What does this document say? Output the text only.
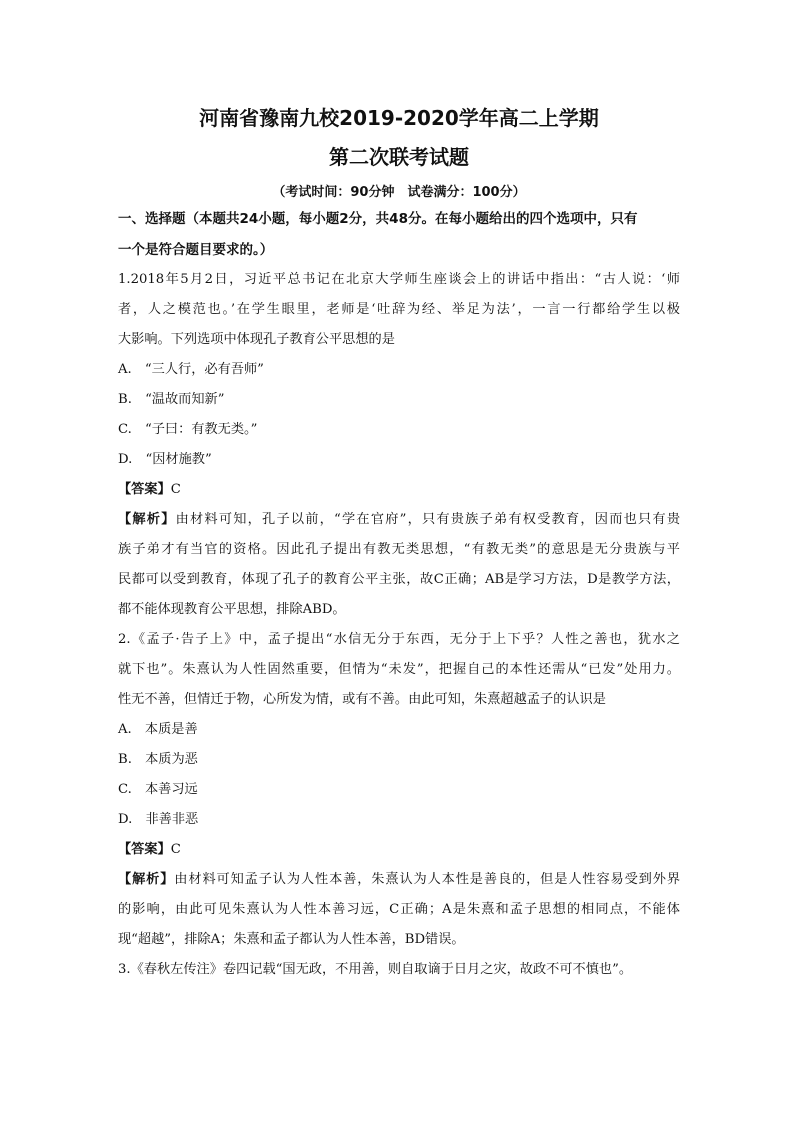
河南省豫南九校2019-2020学年高二上学期
第二次联考试题
（考试时间：90分钟　试卷满分：100分）
一、选择题（本题共24小题，每小题2分，共48分。在每小题给出的四个选项中，只有
一个是符合题目要求的。）
1.2018年5月2日，习近平总书记在北京大学师生座谈会上的讲话中指出：“古人说：‘师
者，人之模范也。’在学生眼里，老师是‘吐辞为经、举足为法’，一言一行都给学生以极
大影响。下列选项中体现孔子教育公平思想的是
A.　“三人行，必有吾师”
B.　“温故而知新”
C.　“子曰：有教无类。”
D.　“因材施教”
【答案】C
【解析】由材料可知，孔子以前，“学在官府”，只有贵族子弟有权受教育，因而也只有贵
族子弟才有当官的资格。因此孔子提出有教无类思想，“有教无类”的意思是无分贵族与平
民都可以受到教育，体现了孔子的教育公平主张，故C正确；AB是学习方法，D是教学方法，
都不能体现教育公平思想，排除ABD。
2.《孟子·告子上》中，孟子提出“水信无分于东西，无分于上下乎？人性之善也，犹水之
就下也”。朱熹认为人性固然重要，但情为“未发”，把握自己的本性还需从“已发”处用力。
性无不善，但情迁于物，心所发为情，或有不善。由此可知，朱熹超越孟子的认识是
A.　本质是善
B.　本质为恶
C.　本善习远
D.　非善非恶
【答案】C
【解析】由材料可知孟子认为人性本善，朱熹认为人本性是善良的，但是人性容易受到外界
的影响，由此可见朱熹认为人性本善习远，C正确；A是朱熹和孟子思想的相同点，不能体
现“超越”，排除A；朱熹和孟子都认为人性本善，BD错误。
3.《春秋左传注》卷四记载“国无政，不用善，则自取谪于日月之灾，故政不可不慎也”。
